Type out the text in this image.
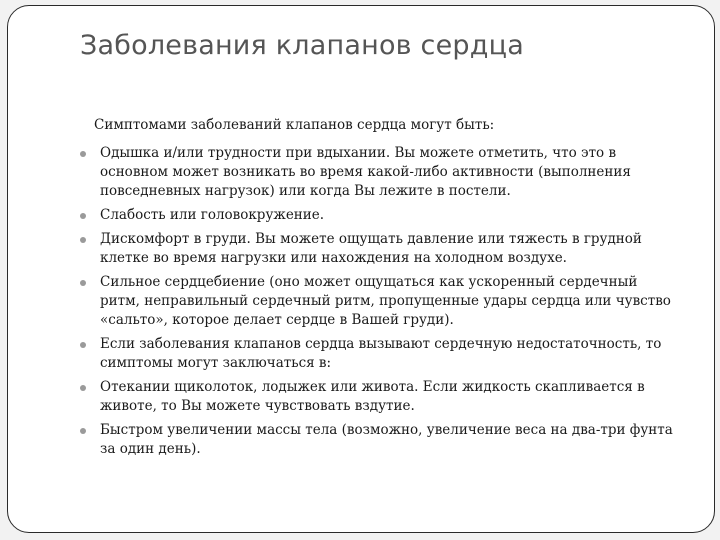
Заболевания клапанов сердца

Симптомами заболеваний клапанов сердца могут быть:

Одышка и/или трудности при вдыхании. Вы можете отметить, что это в основном может возникать во время какой-либо активности (выполнения повседневных нагрузок) или когда Вы лежите в постели.
Слабость или головокружение.
Дискомфорт в груди. Вы можете ощущать давление или тяжесть в грудной клетке во время нагрузки или нахождения на холодном воздухе.
Сильное сердцебиение (оно может ощущаться как ускоренный сердечный ритм, неправильный сердечный ритм, пропущенные удары сердца или чувство «сальто», которое делает сердце в Вашей груди).
Если заболевания клапанов сердца вызывают сердечную недостаточность, то симптомы могут заключаться в:
Отекании щиколоток, лодыжек или живота. Если жидкость скапливается в животе, то Вы можете чувствовать вздутие.
Быстром увеличении массы тела (возможно, увеличение веса на два-три фунта за один день).
